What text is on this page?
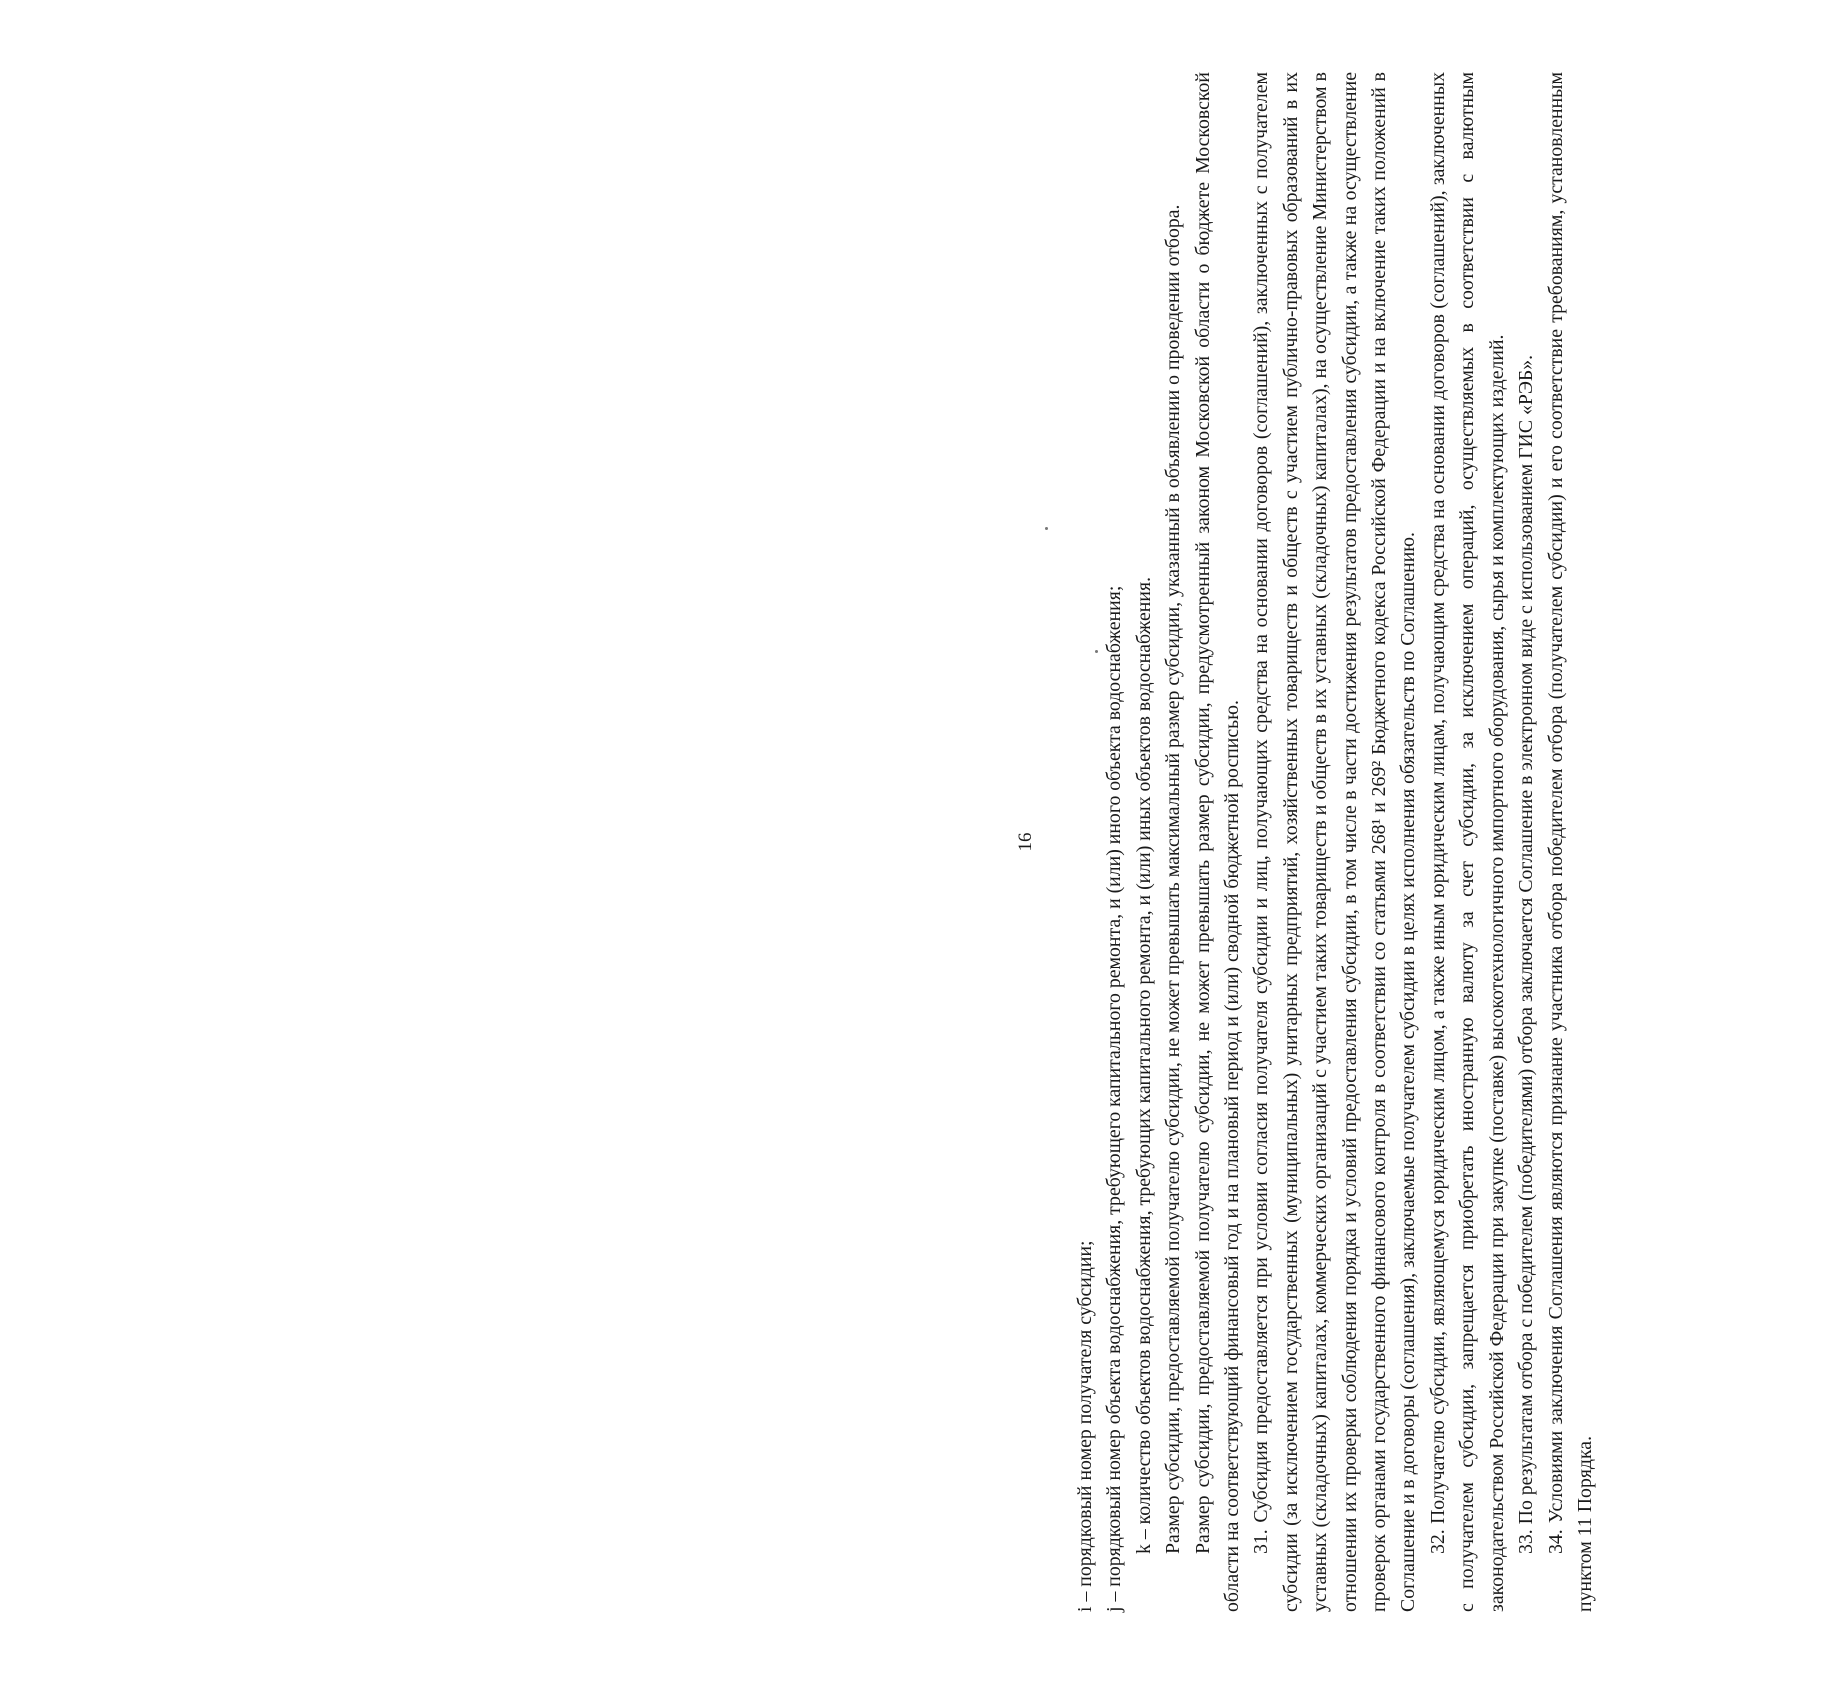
16

i – порядковый номер получателя субсидии; j – порядковый номер объекта водоснабжения, требующего капитального ремонта, и (или) иного объекта водоснабжения; k – количество объектов водоснабжения, требующих капитального ремонта, и (или) иных объектов водоснабжения. Размер субсидии, предоставляемой получателю субсидии, не может превышать максимальный размер субсидии, указанный в объявлении о проведении отбора. Размер субсидии, предоставляемой получателю субсидии, не может превышать размер субсидии, предусмотренный законом Московской области о бюджете Московской области на соответствующий финансовый год и на плановый период и (или) сводной бюджетной росписью. 31. Субсидия предоставляется при условии согласия получателя субсидии и лиц, получающих средства на основании договоров (соглашений), заключенных с получателем субсидии (за исключением государственных (муниципальных) унитарных предприятий, хозяйственных товариществ и обществ с участием публично-правовых образований в их уставных (складочных) капиталах, коммерческих организаций с участием таких товариществ и обществ в их уставных (складочных) капиталах), на осуществление Министерством в отношении их проверки соблюдения порядка и условий предоставления субсидии, в том числе в части достижения результатов предоставления субсидии, а также на осуществление проверок органами государственного финансового контроля в соответствии со статьями 268¹ и 269² Бюджетного кодекса Российской Федерации и на включение таких положений в Соглашение и в договоры (соглашения), заключаемые получателем субсидии в целях исполнения обязательств по Соглашению. 32. Получателю субсидии, являющемуся юридическим лицом, а также иным юридическим лицам, получающим средства на основании договоров (соглашений), заключенных с получателем субсидии, запрещается приобретать иностранную валюту за счет субсидии, за исключением операций, осуществляемых в соответствии с валютным законодательством Российской Федерации при закупке (поставке) высокотехнологичного импортного оборудования, сырья и комплектующих изделий. 33. По результатам отбора с победителем (победителями) отбора заключается Соглашение в электронном виде с использованием ГИС «РЭБ». 34. Условиями заключения Соглашения являются признание участника отбора победителем отбора (получателем субсидии) и его соответствие требованиям, установленным пунктом 11 Порядка.
